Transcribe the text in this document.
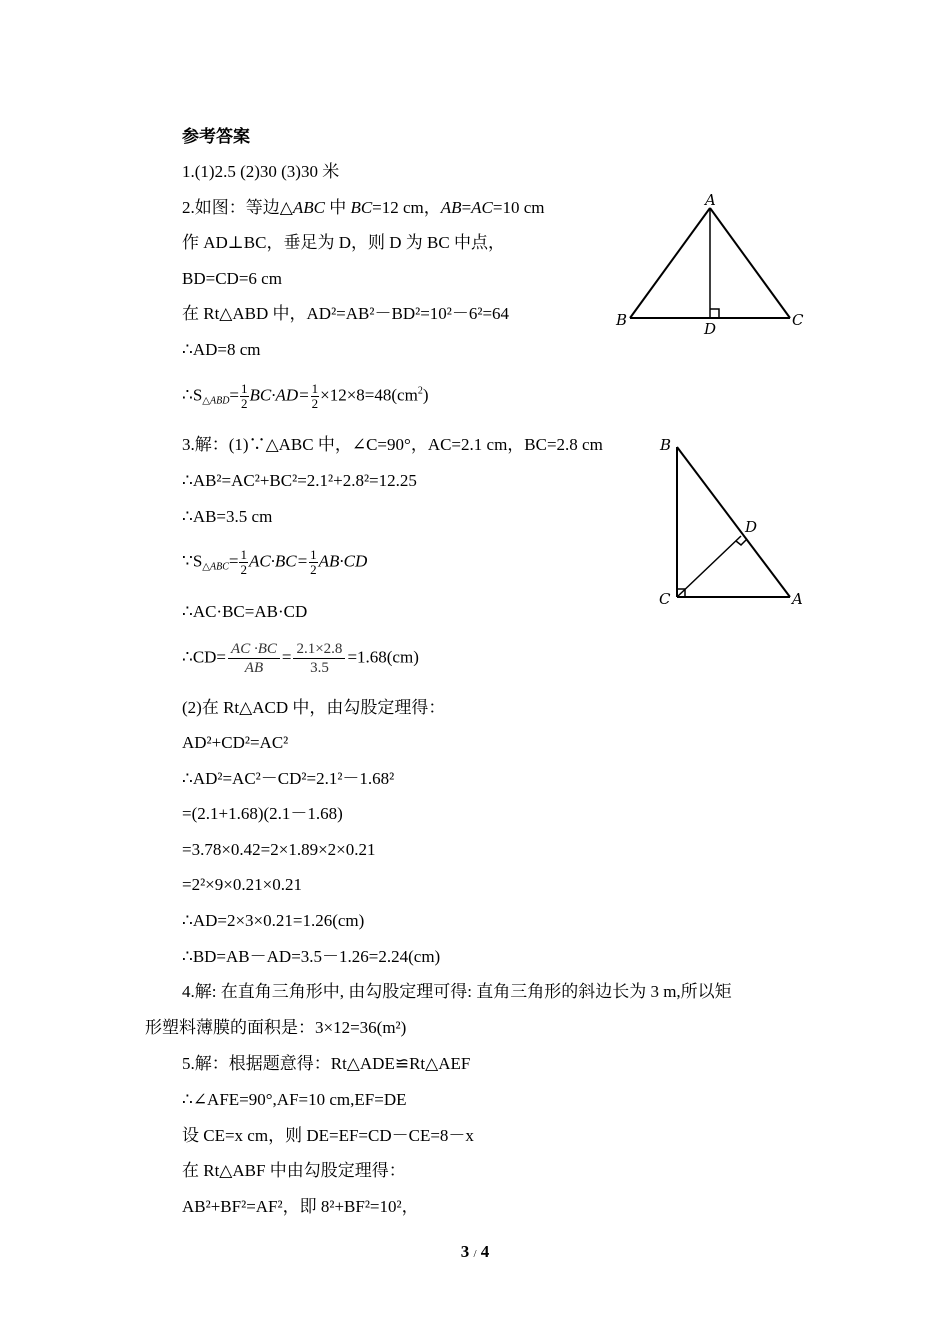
参考答案
1.(1)2.5 (2)30 (3)30 米
2.如图：等边△ABC 中 BC=12 cm，AB=AC=10 cm
作 AD⊥BC，垂足为 D，则 D 为 BC 中点，
BD=CD=6 cm
在 Rt△ABD 中，AD²=AB²－BD²=10²－6²=64
∴AD=8 cm
$\therefore S_{\triangle ABD}= \frac{1}{2} BC\cdot AD= \frac{1}{2} \times 12\times 8=48(cm^2)$
A
B	C
D
3.解：(1)∵△ABC 中，∠C=90°，AC=2.1 cm，BC=2.8 cm
∴AB²=AC²+BC²=2.1²+2.8²=12.25
∴AB=3.5 cm
$\because S_{\triangle ABC}= \frac{1}{2} AC\cdot BC= \frac{1}{2} AB\cdot CD$
∴AC·BC=AB·CD
∴CD= $\frac{AC \cdot BC}{AB} = \frac{2.1\times 2.8}{3.5} =1.68(cm)$
(2)在 Rt△ACD 中，由勾股定理得：
AD²+CD²=AC²
∴AD²=AC²－CD²=2.1²－1.68²
=(2.1+1.68)(2.1－1.68)
=3.78×0.42=2×1.89×2×0.21
=2²×9×0.21×0.21
∴AD=2×3×0.21=1.26(cm)
∴BD=AB－AD=3.5－1.26=2.24(cm)
B
C	A
D
4.解: 在直角三角形中, 由勾股定理可得: 直角三角形的斜边长为 3 m,所以矩
形塑料薄膜的面积是：3×12=36(m²)
5.解：根据题意得：Rt△ADE≌Rt△AEF
∴∠AFE=90°,AF=10 cm,EF=DE
设 CE=x cm，则 DE=EF=CD－CE=8－x
在 Rt△ABF 中由勾股定理得：
AB²+BF²=AF²，即 8²+BF²=10²，
3 / 4
